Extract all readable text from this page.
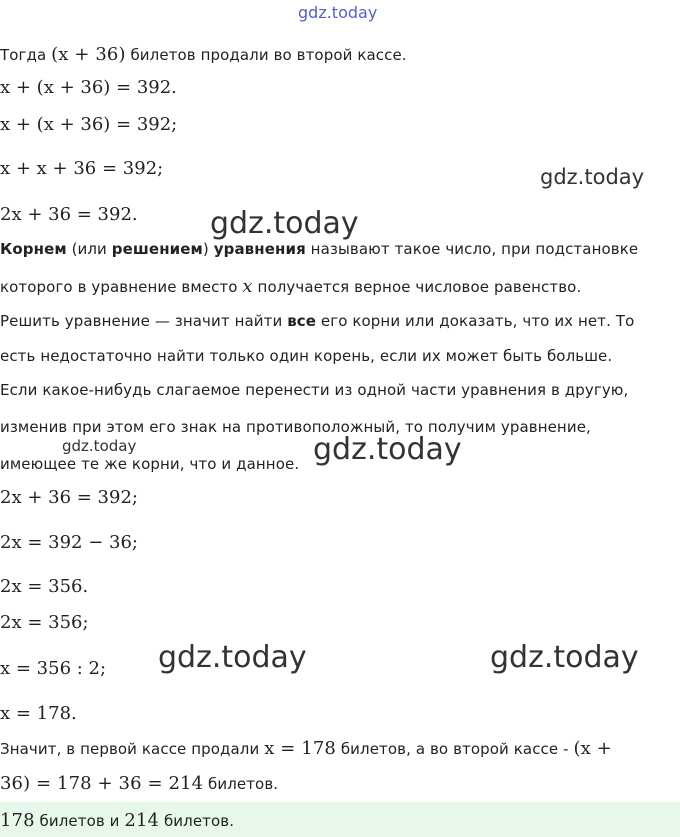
gdz.today
gdz.today
gdz.today
gdz.today	gdz.today
gdz.today	gdz.today
Тогда (x + 36) билетов продали во второй кассе.
x + (x + 36) = 392.
x + (x + 36) = 392;
x + x + 36 = 392;
2x + 36 = 392.
Корнем (или решением) уравнения называют такое число, при подстановке
которого в уравнение вместо x получается верное числовое равенство.
Решить уравнение — значит найти все его корни или доказать, что их нет. То
есть недостаточно найти только один корень, если их может быть больше.
Если какое-нибудь слагаемое перенести из одной части уравнения в другую,
изменив при этом его знак на противоположный, то получим уравнение,
имеющее те же корни, что и данное.
2x + 36 = 392;
2x = 392 − 36;
2x = 356.
2x = 356;
x = 356 : 2;
x = 178.
Значит, в первой кассе продали x = 178 билетов, а во второй кассе - (x +
36) = 178 + 36 = 214 билетов.
178 билетов и 214 билетов.
